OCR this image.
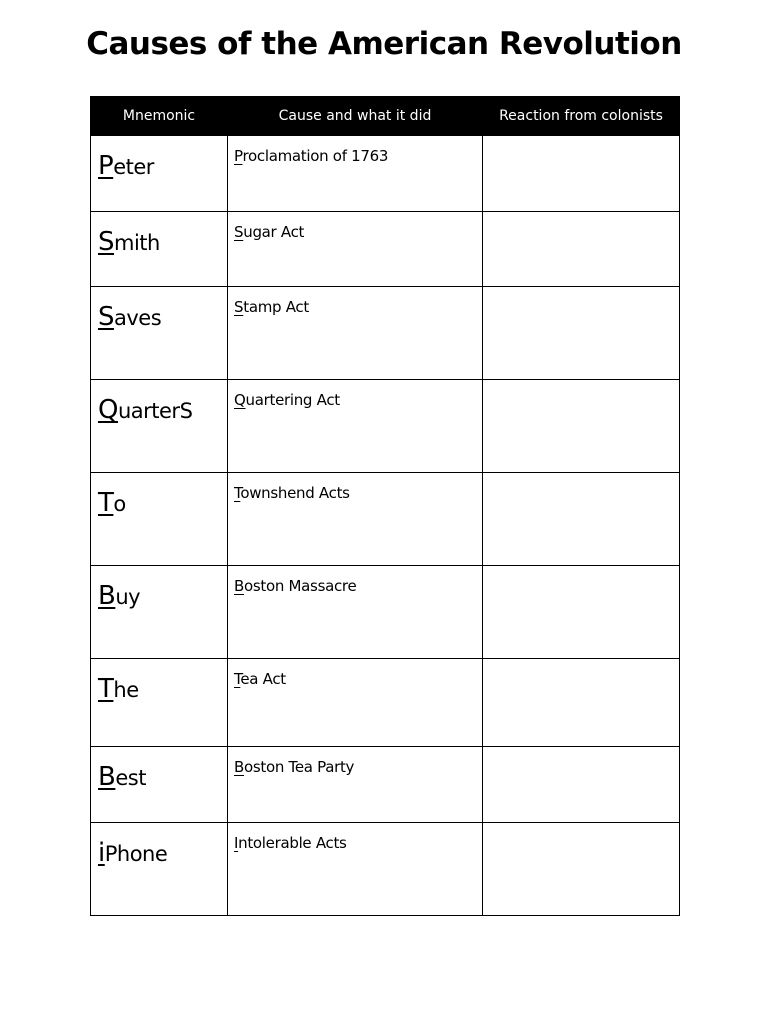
Causes of the American Revolution
Mnemonic	Cause and what it did	Reaction from colonists

Peter	Proclamation of 1763	

Smith	Sugar Act	

Saves	Stamp Act	

QuarterS	Quartering Act	

To	Townshend Acts	

Buy	Boston Massacre	

The	Tea Act	

Best	Boston Tea Party	

iPhone	Intolerable Acts	
